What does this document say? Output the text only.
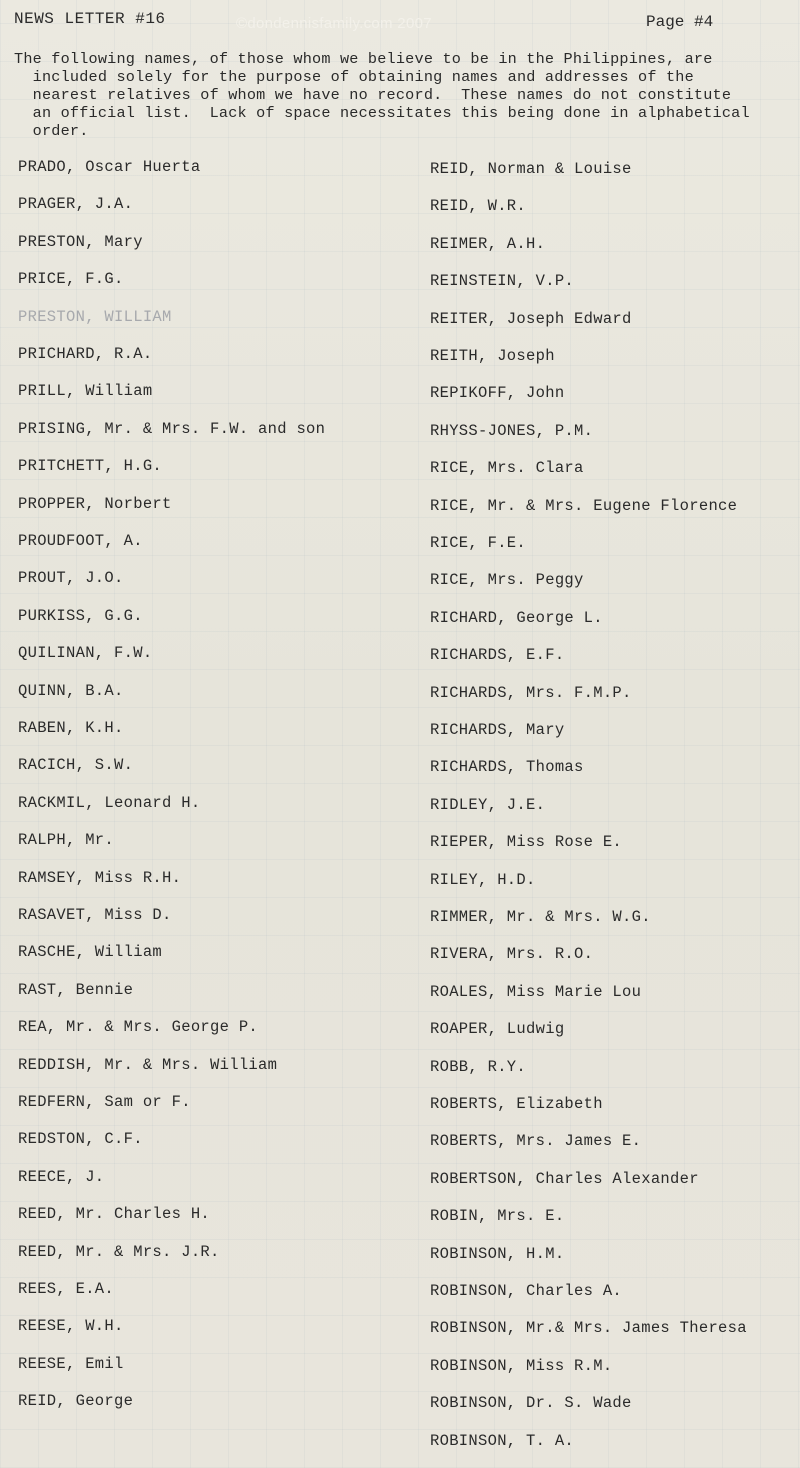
NEWS LETTER #16	©dondennisfamily.com 2007	Page #4

The following names, of those whom we believe to be in the Philippines, are

included solely for the purpose of obtaining names and addresses of the

nearest relatives of whom we have no record.  These names do not constitute

an official list.  Lack of space necessitates this being done in alphabetical

order.

PRADO, Oscar Huerta
PRAGER, J.A.
PRESTON, Mary
PRICE, F.G.
PRESTON, WILLIAM
PRICHARD, R.A.
PRILL, William
PRISING, Mr. & Mrs. F.W. and son
PRITCHETT, H.G.
PROPPER, Norbert
PROUDFOOT, A.
PROUT, J.O.
PURKISS, G.G.
QUILINAN, F.W.
QUINN, B.A.
RABEN, K.H.
RACICH, S.W.
RACKMIL, Leonard H.
RALPH, Mr.
RAMSEY, Miss R.H.
RASAVET, Miss D.
RASCHE, William
RAST, Bennie
REA, Mr. & Mrs. George P.
REDDISH, Mr. & Mrs. William
REDFERN, Sam or F.
REDSTON, C.F.
REECE, J.
REED, Mr. Charles H.
REED, Mr. & Mrs. J.R.
REES, E.A.
REESE, W.H.
REESE, Emil
REID, George
REID, Norman & Louise
REID, W.R.
REIMER, A.H.
REINSTEIN, V.P.
REITER, Joseph Edward
REITH, Joseph
REPIKOFF, John
RHYSS-JONES, P.M.
RICE, Mrs. Clara
RICE, Mr. & Mrs. Eugene Florence
RICE, F.E.
RICE, Mrs. Peggy
RICHARD, George L.
RICHARDS, E.F.
RICHARDS, Mrs. F.M.P.
RICHARDS, Mary
RICHARDS, Thomas
RIDLEY, J.E.
RIEPER, Miss Rose E.
RILEY, H.D.
RIMMER, Mr. & Mrs. W.G.
RIVERA, Mrs. R.O.
ROALES, Miss Marie Lou
ROAPER, Ludwig
ROBB, R.Y.
ROBERTS, Elizabeth
ROBERTS, Mrs. James E.
ROBERTSON, Charles Alexander
ROBIN, Mrs. E.
ROBINSON, H.M.
ROBINSON, Charles A.
ROBINSON, Mr.& Mrs. James Theresa
ROBINSON, Miss R.M.
ROBINSON, Dr. S. Wade
ROBINSON, T. A.
